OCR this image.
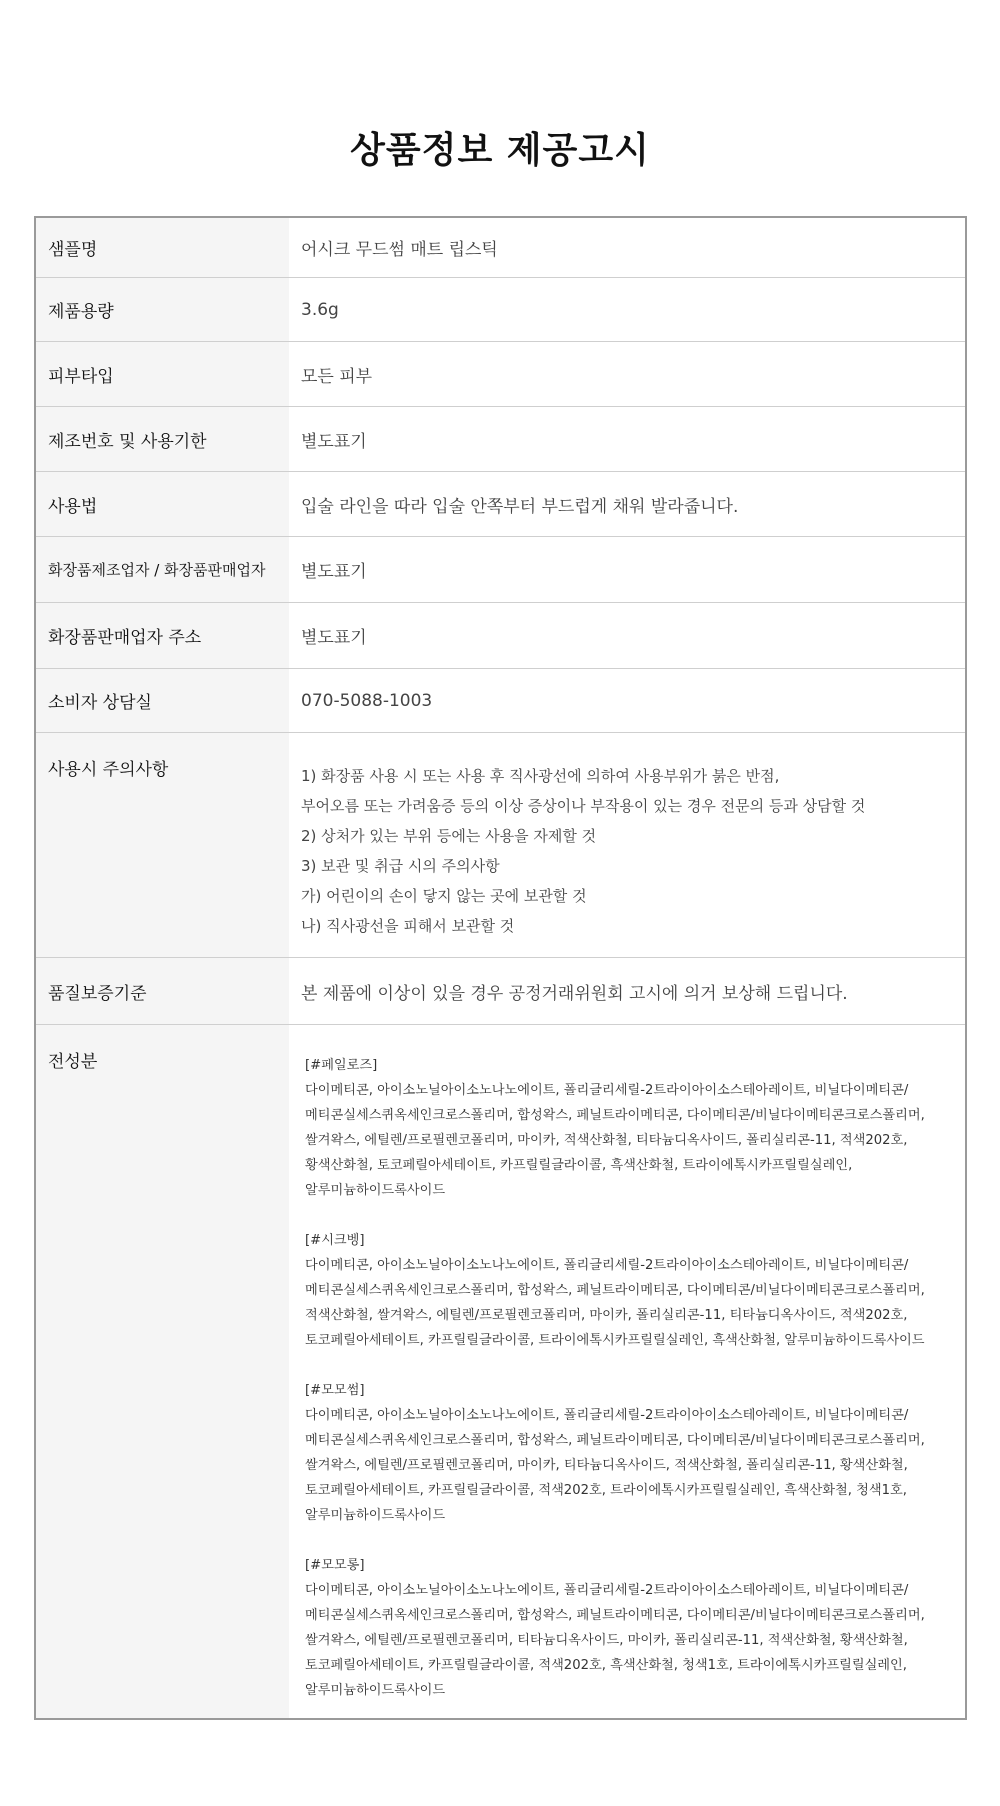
상품정보 제공고시
샘플명	어시크 무드썸 매트 립스틱
제품용량	3.6g
피부타입	모든 피부
제조번호 및 사용기한	별도표기
사용법	입술 라인을 따라 입술 안쪽부터 부드럽게 채워 발라줍니다.
화장품제조업자 / 화장품판매업자	별도표기
화장품판매업자 주소	별도표기
소비자 상담실	070-5088-1003
사용시 주의사항	1) 화장품 사용 시 또는 사용 후 직사광선에 의하여 사용부위가 붉은 반점,
부어오름 또는 가려움증 등의 이상 증상이나 부작용이 있는 경우 전문의 등과 상담할 것
2) 상처가 있는 부위 등에는 사용을 자제할 것
3) 보관 및 취급 시의 주의사항
가) 어린이의 손이 닿지 않는 곳에 보관할 것
나) 직사광선을 피해서 보관할 것
품질보증기준	본 제품에 이상이 있을 경우 공정거래위원회 고시에 의거 보상해 드립니다.
전성분	[#페일로즈]
다이메티콘, 아이소노닐아이소노나노에이트, 폴리글리세릴-2트라이아이소스테아레이트, 비닐다이메티콘/
메티콘실세스퀴옥세인크로스폴리머, 합성왁스, 페닐트라이메티콘, 다이메티콘/비닐다이메티콘크로스폴리머,
쌀겨왁스, 에틸렌/프로필렌코폴리머, 마이카, 적색산화철, 티타늄디옥사이드, 폴리실리콘-11, 적색202호,
황색산화철, 토코페릴아세테이트, 카프릴릴글라이콜, 흑색산화철, 트라이에톡시카프릴릴실레인,
알루미늄하이드록사이드
[#시크벵]
다이메티콘, 아이소노닐아이소노나노에이트, 폴리글리세릴-2트라이아이소스테아레이트, 비닐다이메티콘/
메티콘실세스퀴옥세인크로스폴리머, 합성왁스, 페닐트라이메티콘, 다이메티콘/비닐다이메티콘크로스폴리머,
적색산화철, 쌀겨왁스, 에틸렌/프로필렌코폴리머, 마이카, 폴리실리콘-11, 티타늄디옥사이드, 적색202호,
토코페릴아세테이트, 카프릴릴글라이콜, 트라이에톡시카프릴릴실레인, 흑색산화철, 알루미늄하이드록사이드
[#모모썸]
다이메티콘, 아이소노닐아이소노나노에이트, 폴리글리세릴-2트라이아이소스테아레이트, 비닐다이메티콘/
메티콘실세스퀴옥세인크로스폴리머, 합성왁스, 페닐트라이메티콘, 다이메티콘/비닐다이메티콘크로스폴리머,
쌀겨왁스, 에틸렌/프로필렌코폴리머, 마이카, 티타늄디옥사이드, 적색산화철, 폴리실리콘-11, 황색산화철,
토코페릴아세테이트, 카프릴릴글라이콜, 적색202호, 트라이에톡시카프릴릴실레인, 흑색산화철, 청색1호,
알루미늄하이드록사이드
[#모모롱]
다이메티콘, 아이소노닐아이소노나노에이트, 폴리글리세릴-2트라이아이소스테아레이트, 비닐다이메티콘/
메티콘실세스퀴옥세인크로스폴리머, 합성왁스, 페닐트라이메티콘, 다이메티콘/비닐다이메티콘크로스폴리머,
쌀겨왁스, 에틸렌/프로필렌코폴리머, 티타늄디옥사이드, 마이카, 폴리실리콘-11, 적색산화철, 황색산화철,
토코페릴아세테이트, 카프릴릴글라이콜, 적색202호, 흑색산화철, 청색1호, 트라이에톡시카프릴릴실레인,
알루미늄하이드록사이드
